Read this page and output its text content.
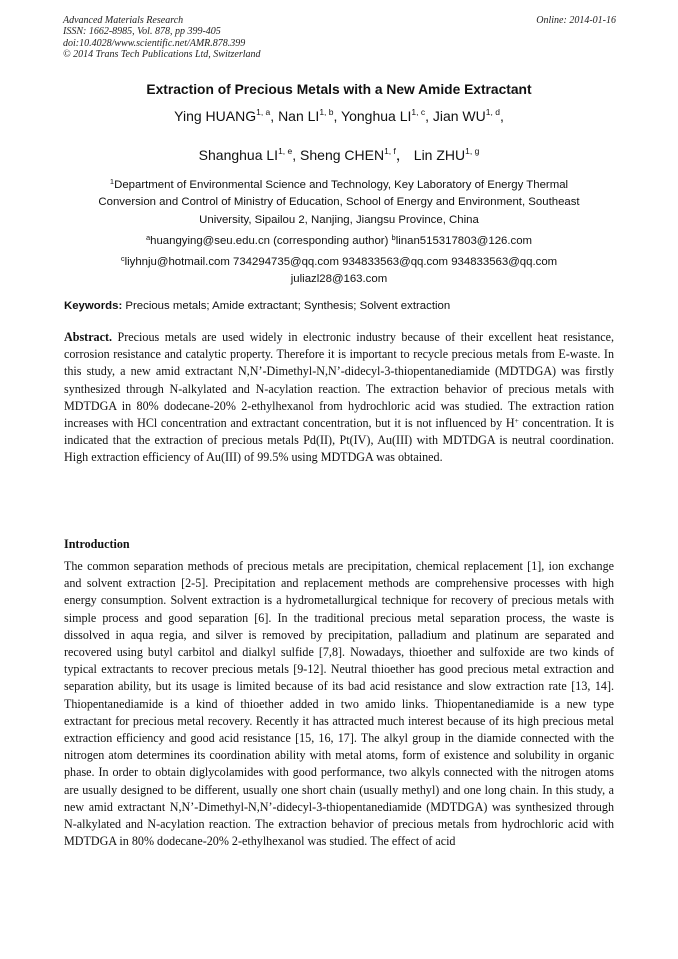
Advanced Materials Research
ISSN: 1662-8985, Vol. 878, pp 399-405
doi:10.4028/www.scientific.net/AMR.878.399
© 2014 Trans Tech Publications Ltd, Switzerland
Online: 2014-01-16
Extraction of Precious Metals with a New Amide Extractant
Ying HUANG$^{1, a}$, Nan LI$^{1, b}$, Yonghua LI$^{1, c}$, Jian WU$^{1, d}$,
Shanghua LI$^{1, e}$, Sheng CHEN$^{1, f}$， Lin ZHU$^{1, g}$
$^1$Department of Environmental Science and Technology, Key Laboratory of Energy Thermal
Conversion and Control of Ministry of Education, School of Energy and Environment, Southeast
University, Sipailou 2, Nanjing, Jiangsu Province, China
$^a$huangying@seu.edu.cn (corresponding author) $^b$linan515317803@126.com
$^c$liyhnju@hotmail.com 734294735@qq.com 934833563@qq.com 934833563@qq.com
juliazl28@163.com
Keywords: Precious metals; Amide extractant; Synthesis; Solvent extraction
Abstract. Precious metals are used widely in electronic industry because of their excellent heat resistance, corrosion resistance and catalytic property. Therefore it is important to recycle precious metals from E-waste. In this study, a new amid extractant N,N’-Dimethyl-N,N’-didecyl-3-thiopentanediamide (MDTDGA) was firstly synthesized through N-alkylated and N-acylation reaction. The extraction behavior of precious metals with MDTDGA in 80% dodecane-20% 2-ethylhexanol from hydrochloric acid was studied. The extraction ration increases with HCl concentration and extractant concentration, but it is not influenced by H+ concentration. It is indicated that the extraction of precious metals Pd(II), Pt(IV), Au(III) with MDTDGA is neutral coordination. High extraction efficiency of Au(III) of 99.5% using MDTDGA was obtained.
Introduction
The common separation methods of precious metals are precipitation, chemical replacement [1], ion exchange and solvent extraction [2-5]. Precipitation and replacement methods are comprehensive processes with high energy consumption. Solvent extraction is a hydrometallurgical technique for recovery of precious metals with simple process and good separation [6]. In the traditional precious metal separation process, the waste is dissolved in aqua regia, and silver is removed by precipitation, palladium and platinum are separated and recovered using butyl carbitol and dialkyl sulfide [7,8]. Nowadays, thioether and sulfoxide are two kinds of typical extractants to recover precious metals [9-12]. Neutral thioether has good precious metal extraction and separation ability, but its usage is limited because of its bad acid resistance and slow extraction rate [13, 14]. Thiopentanediamide is a kind of thioether added in two amido links. Thiopentanediamide is a new type extractant for precious metal recovery. Recently it has attracted much interest because of its high precious metal extraction efficiency and good acid resistance [15, 16, 17]. The alkyl group in the diamide connected with the nitrogen atom determines its coordination ability with metal atoms, form of existence and solubility in organic phase. In order to obtain diglycolamides with good performance, two alkyls connected with the nitrogen atoms are usually designed to be different, usually one short chain (usually methyl) and one long chain. In this study, a new amid extractant N,N’-Dimethyl-N,N’-didecyl-3-thiopentanediamide (MDTDGA) was synthesized through N-alkylated and N-acylation reaction. The extraction behavior of precious metals from hydrochloric acid with MDTDGA in 80% dodecane-20% 2-ethylhexanol was studied. The effect of acid
